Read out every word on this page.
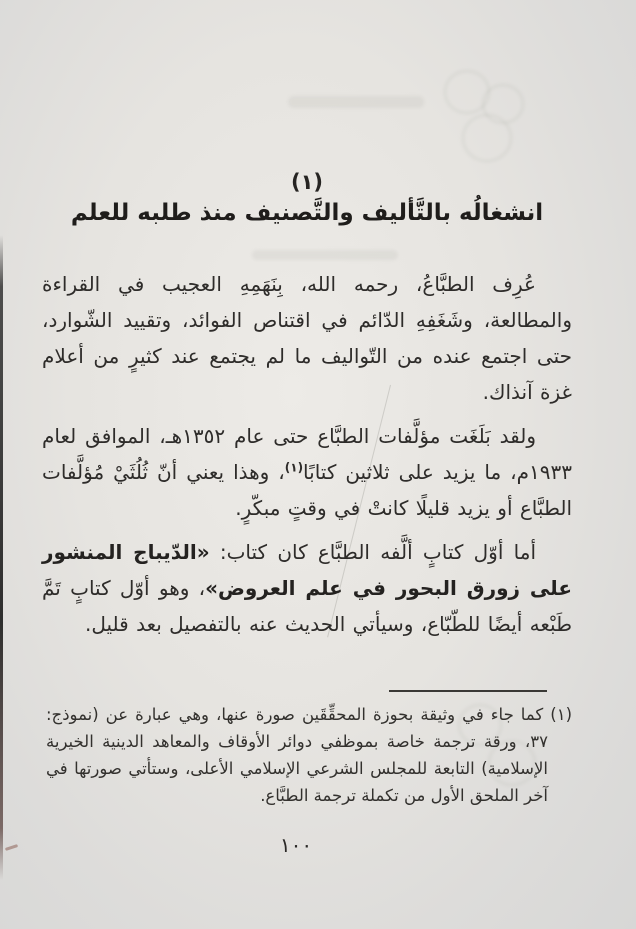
(١)
انشغالُه بالتَّأليف والتَّصنيف منذ طلبه للعلم

عُرِف الطبَّاعُ، رحمه الله، بِنَهَمِهِ العجيب في القراءة والمطالعة، وشَغَفِهِ الدّائم في اقتناص الفوائد، وتقييد الشّوارد، حتى اجتمع عنده من التّواليف ما لم يجتمع عند كثيرٍ من أعلام غزة آنذاك.

ولقد بَلَغَت مؤلَّفات الطبَّاع حتى عام ١٣٥٢هـ، الموافق لعام ١٩٣٣م، ما يزيد على ثلاثين كتابًا$^{(١)}$، وهذا يعني أنّ ثُلُثَيْ مُؤلَّفات الطبَّاع أو يزيد قليلًا كانتْ في وقتٍ مبكّرٍ.

أما أوّل كتابٍ ألَّفه الطبَّاع كان كتاب: «الدّيباج المنشور على زورق البحور في علم العروض»، وهو أوّل كتابٍ تَمَّ طَبْعه أيضًا للطّبّاع، وسيأتي الحديث عنه بالتفصيل بعد قليل.

(١) كما جاء في وثيقة بحوزة المحقِّقَين صورة عنها، وهي عبارة عن (نموذج: ٣٧، ورقة ترجمة خاصة بموظفي دوائر الأوقاف والمعاهد الدينية الخيرية الإسلامية) التابعة للمجلس الشرعي الإسلامي الأعلى، وستأتي صورتها في آخر الملحق الأول من تكملة ترجمة الطبَّاع.
١٠٠
